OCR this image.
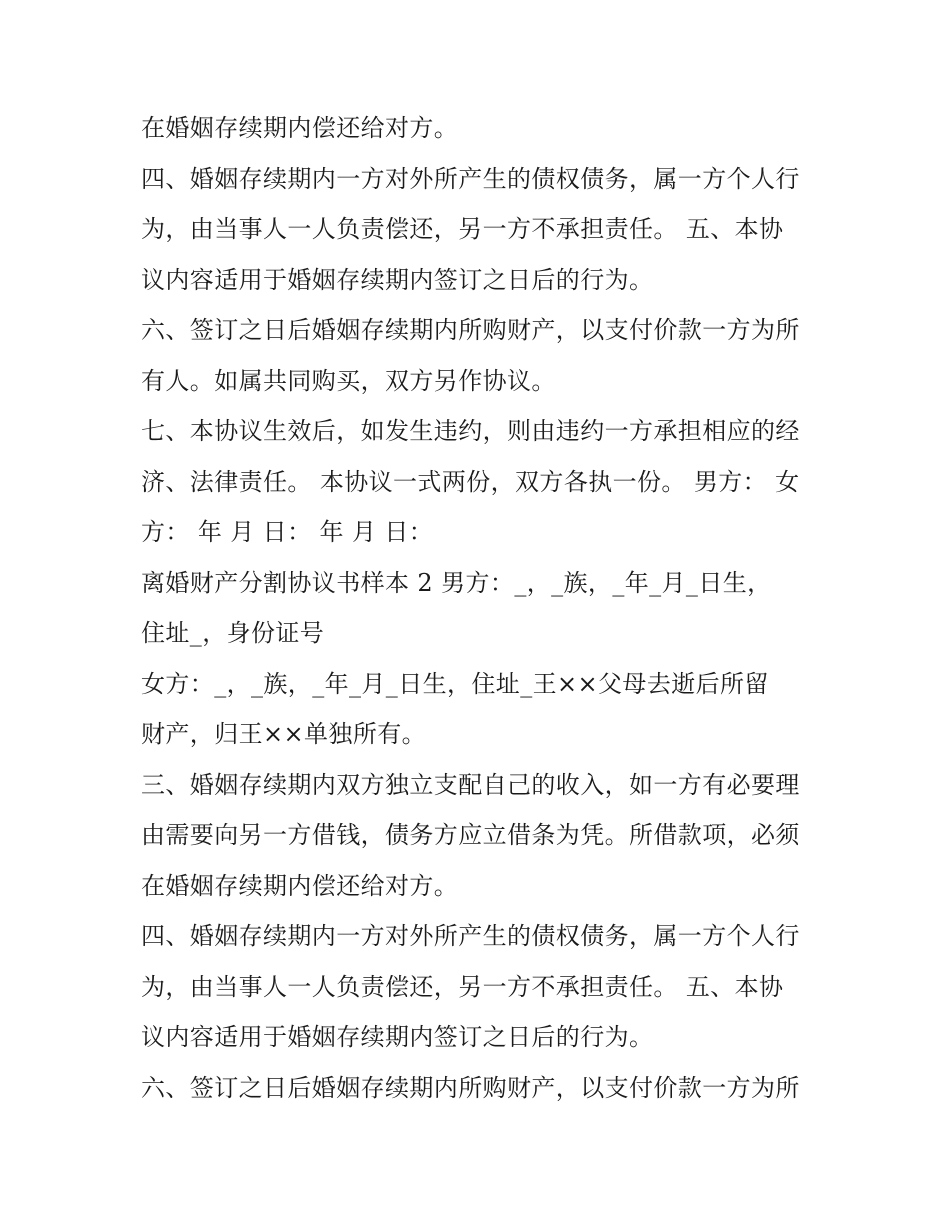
在婚姻存续期内偿还给对方。
四、婚姻存续期内一方对外所产生的债权债务，属一方个人行
为，由当事人一人负责偿还，另一方不承担责任。 五、本协
议内容适用于婚姻存续期内签订之日后的行为。
六、签订之日后婚姻存续期内所购财产，以支付价款一方为所
有人。如属共同购买，双方另作协议。
七、本协议生效后，如发生违约，则由违约一方承担相应的经
济、法律责任。 本协议一式两份，双方各执一份。 男方： 女
方： 年 月 日： 年 月 日：
离婚财产分割协议书样本 2 男方：_，_族，_年_月_日生，
住址_，身份证号
女方：_，_族，_年_月_日生，住址_王××父母去逝后所留
财产，归王××单独所有。
三、婚姻存续期内双方独立支配自己的收入，如一方有必要理
由需要向另一方借钱，债务方应立借条为凭。所借款项，必须
在婚姻存续期内偿还给对方。
四、婚姻存续期内一方对外所产生的债权债务，属一方个人行
为，由当事人一人负责偿还，另一方不承担责任。 五、本协
议内容适用于婚姻存续期内签订之日后的行为。
六、签订之日后婚姻存续期内所购财产，以支付价款一方为所
